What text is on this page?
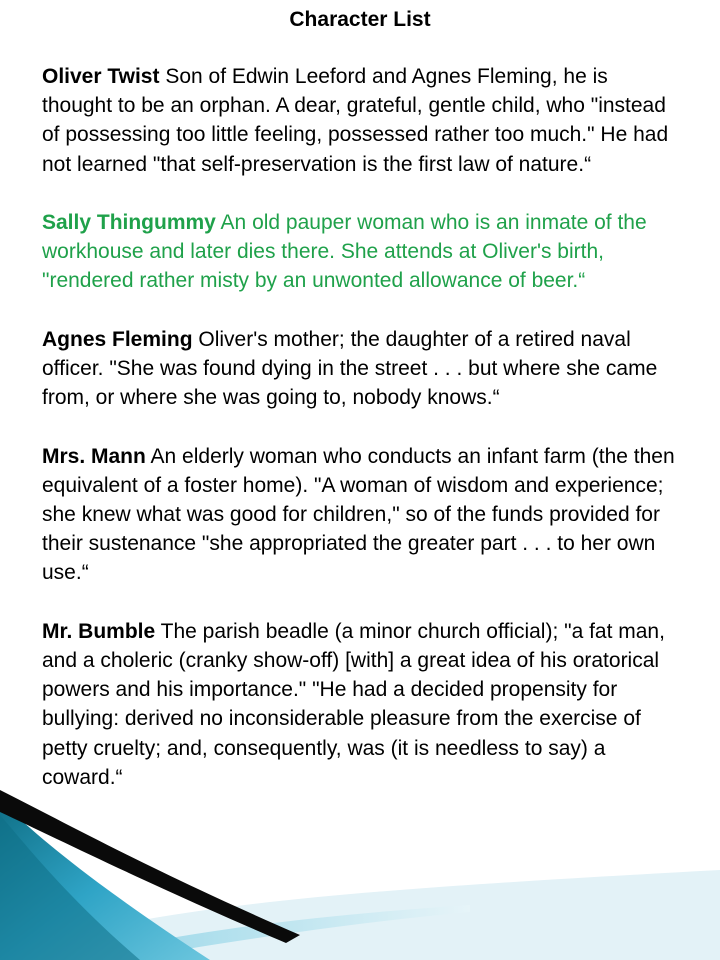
Character List

Oliver Twist Son of Edwin Leeford and Agnes Fleming, he is thought to be an orphan. A dear, grateful, gentle child, who "instead of possessing too little feeling, possessed rather too much." He had not learned "that self-preservation is the first law of nature.“

Sally Thingummy An old pauper woman who is an inmate of the workhouse and later dies there. She attends at Oliver's birth, "rendered rather misty by an unwonted allowance of beer.“

Agnes Fleming Oliver's mother; the daughter of a retired naval officer. "She was found dying in the street . . . but where she came from, or where she was going to, nobody knows.“

Mrs. Mann An elderly woman who conducts an infant farm (the then equivalent of a foster home). "A woman of wisdom and experience; she knew what was good for children," so of the funds provided for their sustenance "she appropriated the greater part . . . to her own use.“

Mr. Bumble The parish beadle (a minor church official); "a fat man, and a choleric (cranky show-off) [with] a great idea of his oratorical powers and his importance." "He had a decided propensity for bullying: derived no inconsiderable pleasure from the exercise of petty cruelty; and, consequently, was (it is needless to say) a coward.“
